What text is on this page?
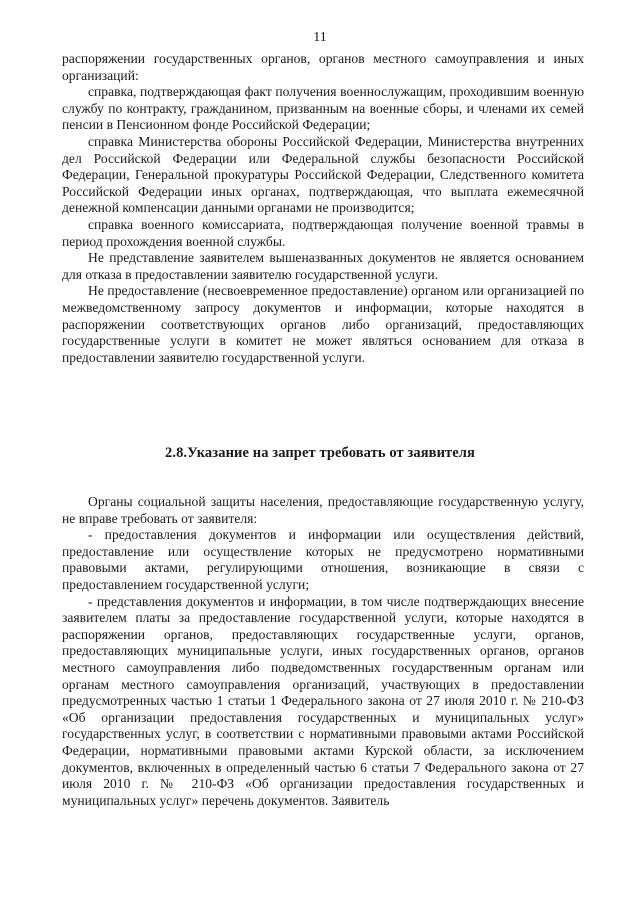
11

распоряжении государственных органов, органов местного самоуправления и иных организаций:

справка, подтверждающая факт получения военнослужащим, проходившим военную службу по контракту, гражданином, призванным на военные сборы, и членами их семей пенсии в Пенсионном фонде Российской Федерации;

справка Министерства обороны Российской Федерации, Министерства внутренних дел Российской Федерации или Федеральной службы безопасности Российской Федерации, Генеральной прокуратуры Российской Федерации, Следственного комитета Российской Федерации иных органах, подтверждающая, что выплата ежемесячной денежной компенсации данными органами не производится;

справка военного комиссариата, подтверждающая получение военной травмы в период прохождения военной службы.

Не представление заявителем вышеназванных документов не является основанием для отказа в предоставлении заявителю государственной услуги.

Не предоставление (несвоевременное предоставление) органом или организацией по межведомственному запросу документов и информации, которые находятся в распоряжении соответствующих органов либо организаций, предоставляющих государственные услуги в комитет не может являться основанием для отказа в предоставлении заявителю государственной услуги.

2.8.Указание на запрет требовать от заявителя

Органы социальной защиты населения, предоставляющие государственную услугу, не вправе требовать от заявителя:

- предоставления документов и информации или осуществления действий, предоставление или осуществление которых не предусмотрено нормативными правовыми актами, регулирующими отношения, возникающие в связи с предоставлением государственной услуги;

- представления документов и информации, в том числе подтверждающих внесение заявителем платы за предоставление государственной услуги, которые находятся в распоряжении органов, предоставляющих государственные услуги, органов, предоставляющих муниципальные услуги, иных государственных органов, органов местного самоуправления либо подведомственных государственным органам или органам местного самоуправления организаций, участвующих в предоставлении предусмотренных частью 1 статьи 1 Федерального закона от 27 июля 2010 г. № 210-ФЗ «Об организации предоставления государственных и муниципальных услуг» государственных услуг, в соответствии с нормативными правовыми актами Российской Федерации, нормативными правовыми актами Курской области, за исключением документов, включенных в определенный частью 6 статьи 7 Федерального закона от 27 июля 2010 г. № 210-ФЗ «Об организации предоставления государственных и муниципальных услуг» перечень документов. Заявитель
